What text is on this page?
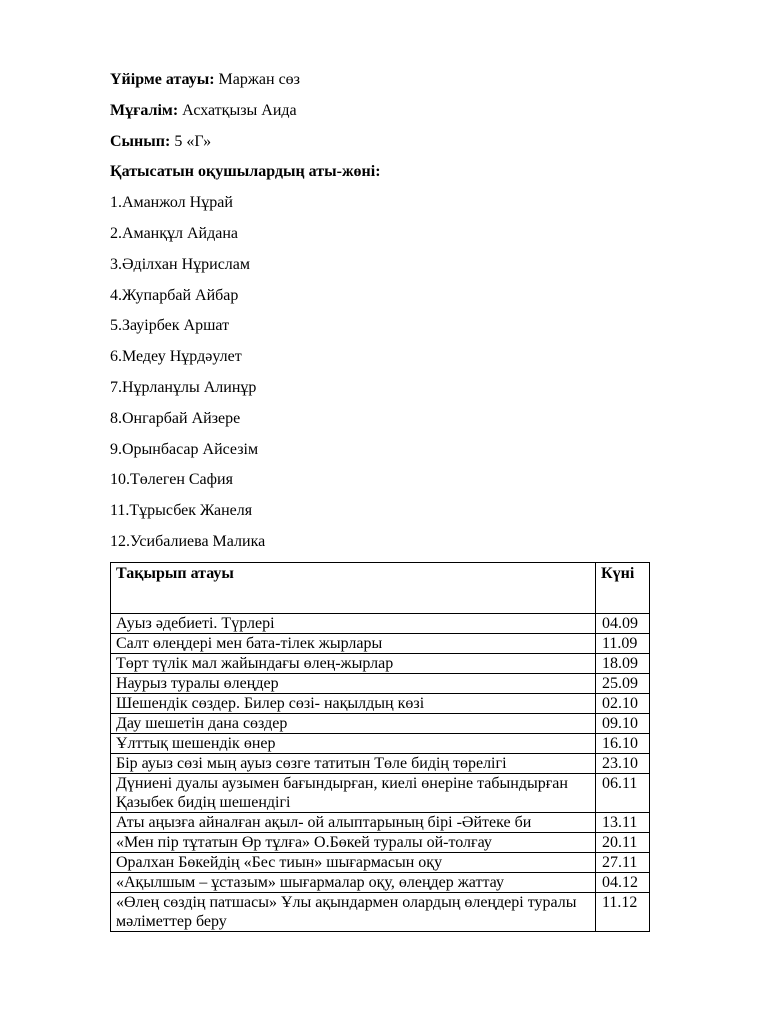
Үйірме атауы: Маржан сөз
Мұғалім: Асхатқызы Аида
Сынып: 5 «Г»
Қатысатын оқушылардың аты-жөні:
1.Аманжол Нұрай
2.Аманқұл Айдана
3.Әділхан Нұрислам
4.Жупарбай Айбар
5.Зауірбек Аршат
6.Медеу Нұрдәулет
7.Нұрланұлы Алинұр
8.Онгарбай Айзере
9.Орынбасар Айсезім
10.Төлеген Сафия
11.Тұрысбек Жанеля
12.Усибалиева Малика
Тақырып атауы	Күні
Ауыз әдебиеті. Түрлері	04.09
Салт өлеңдері мен бата-тілек жырлары	11.09
Төрт түлік мал жайындағы өлең-жырлар	18.09
Наурыз туралы өлеңдер	25.09
Шешендік сөздер. Билер сөзі- нақылдың көзі	02.10
Дау шешетін дана сөздер	09.10
Ұлттық шешендік өнер	16.10
Бір ауыз сөзі мың ауыз сөзге татитын Төле бидің төрелігі	23.10
Дүниені дуалы аузымен бағындырған, киелі өнеріне табындырған Қазыбек бидің шешендігі	06.11
Аты аңызға айналған ақыл- ой алыптарының бірі -Әйтеке би	13.11
«Мен пір тұтатын Өр тұлға» О.Бөкей туралы ой-толғау	20.11
Оралхан Бөкейдің «Бес тиын» шығармасын оқу	27.11
«Ақылшым – ұстазым» шығармалар оқу, өлеңдер жаттау	04.12
«Өлең сөздің патшасы» Ұлы ақындармен олардың өлеңдері туралы мәліметтер беру	11.12
